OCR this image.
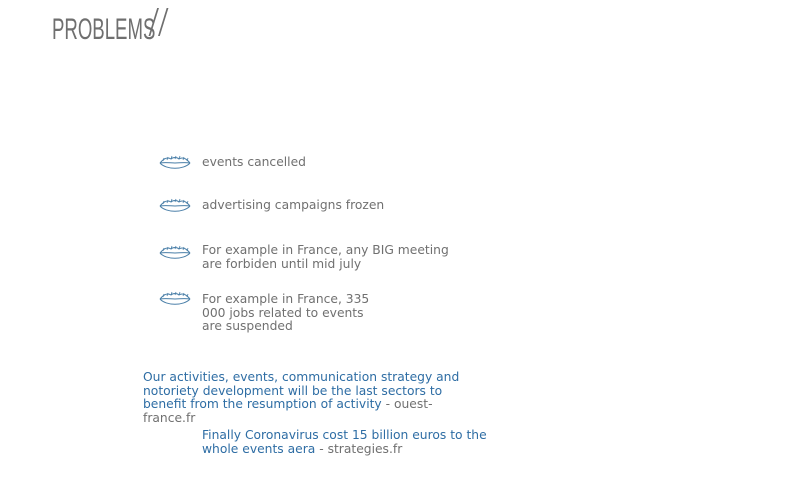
PROBLEMS
//
events cancelled
advertising campaigns frozen
For example in France, any BIG meeting are forbiden until mid july
For example in France, 335 000 jobs related to events are suspended
Our activities, events, communication strategy and notoriety development will be the last sectors to benefit from the resumption of activity - ouest-france.fr
Finally Coronavirus cost 15 billion euros to the whole events aera - strategies.fr
